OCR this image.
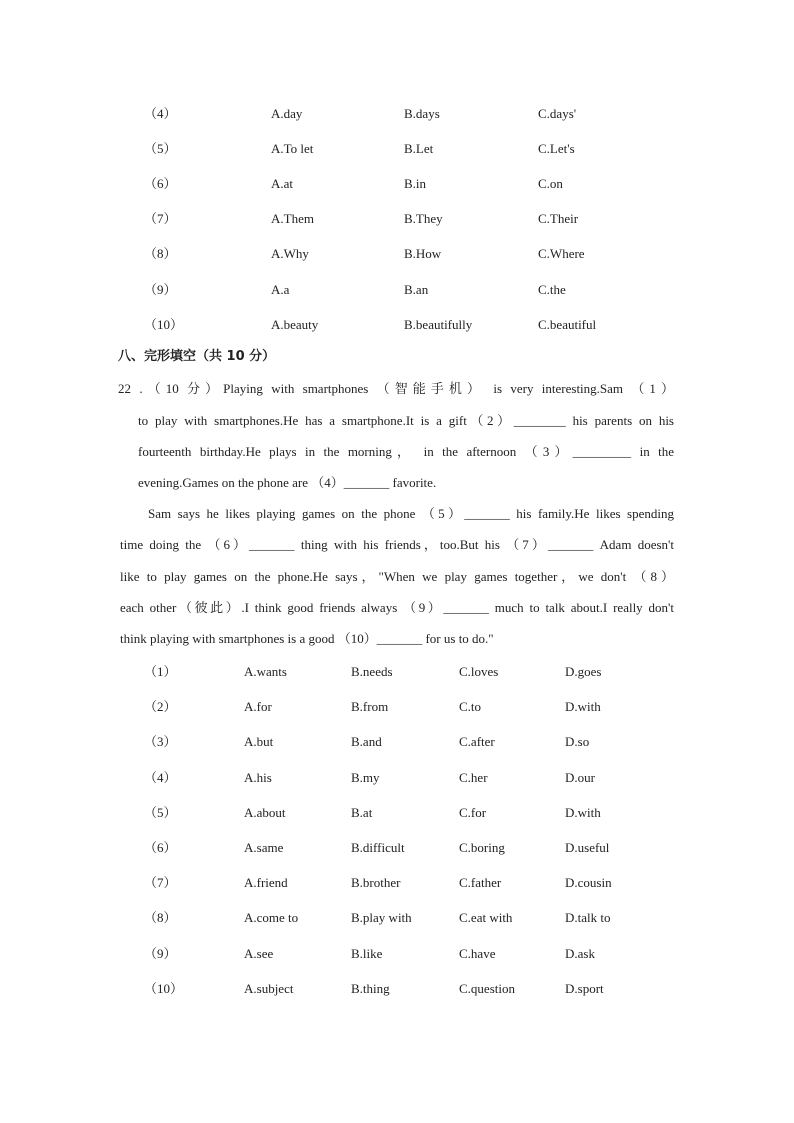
（4）	A.day	B.days	C.days'
（5）	A.To let	B.Let	C.Let's
（6）	A.at	B.in	C.on
（7）	A.Them	B.They	C.Their
（8）	A.Why	B.How	C.Where
（9）	A.a	B.an	C.the
（10）	A.beauty	B.beautifully	C.beautiful
八、完形填空（共 10 分）
22 .（10 分）Playing with smartphones （智能手机） is very interesting.Sam （1）
to play with smartphones.He has a smartphone.It is a gift（2）________ his parents on his
fourteenth birthday.He plays in the morning， in the afternoon （3）_________ in the
evening.Games on the phone are （4）_______ favorite.
Sam says he likes playing games on the phone （5）_______ his family.He likes spending
time doing the （6）_______ thing with his friends，too.But his （7）_______ Adam doesn't
like to play games on the phone.He says，"When we play games together，we don't （8）
each other（彼此）.I think good friends always （9）_______ much to talk about.I really don't
think playing with smartphones is a good （10）_______ for us to do."
（1）	A.wants	B.needs	C.loves	D.goes
（2）	A.for	B.from	C.to	D.with
（3）	A.but	B.and	C.after	D.so
（4）	A.his	B.my	C.her	D.our
（5）	A.about	B.at	C.for	D.with
（6）	A.same	B.difficult	C.boring	D.useful
（7）	A.friend	B.brother	C.father	D.cousin
（8）	A.come to	B.play with	C.eat with	D.talk to
（9）	A.see	B.like	C.have	D.ask
（10）	A.subject	B.thing	C.question	D.sport
